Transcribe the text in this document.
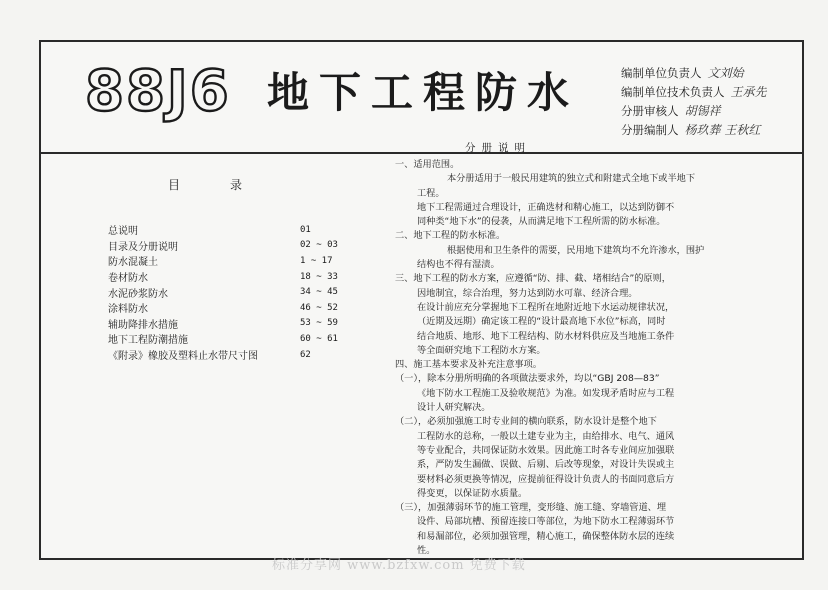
88J6 地下工程防水	编制单位负责人 文刘始
编制单位技术负责人 王承先
分册审核人 胡锡祥
分册编制人 杨玖葬 王秋红
目	录
总说明	01
目录及分册说明	02 ~ 03
防水混凝土	1 ~ 17
卷材防水	18 ~ 33
水泥砂浆防水	34 ~ 45
涂料防水	46 ~ 52
辅助降排水措施	53 ~ 59
地下工程防潮措施	60 ~ 61
《附录》橡胶及塑料止水带尺寸图	62
分册说明

一、适用范围。

本分册适用于一般民用建筑的独立式和附建式全地下或半地下

工程。

地下工程需通过合理设计，正确选材和精心施工，以达到防御不

同种类“地下水”的侵袭，从而满足地下工程所需的防水标准。

二、地下工程的防水标准。

根据使用和卫生条件的需要，民用地下建筑均不允许渗水，围护

结构也不得有湿渍。

三、地下工程的防水方案，应遵循“防、排、截、堵相结合”的原则，

因地制宜，综合治理，努力达到防水可靠、经济合理。

在设计前应充分掌握地下工程所在地附近地下水运动规律状况，

（近期及远期）确定该工程的“设计最高地下水位”标高，同时

结合地质、地形、地下工程结构、防水材料供应及当地施工条件

等全面研究地下工程防水方案。

四、施工基本要求及补充注意事项。

（一），除本分册所明确的各项做法要求外，均以“GBJ 208—83”

《地下防水工程施工及验收规范》为准。如发现矛盾时应与工程

设计人研究解决。

（二），必须加强施工时专业间的横向联系，防水设计是整个地下

工程防水的总称，一般以土建专业为主，由给排水、电气、通风

等专业配合，共同保证防水效果。因此施工时各专业间应加强联

系，严防发生漏做、误做、后剔、后改等现象，对设计失误或主

要材料必须更换等情况，应提前征得设计负责人的书面同意后方

得变更，以保证防水质量。

（三），加强薄弱环节的施工管理，变形缝、施工缝、穿墙管道、埋

设件、局部坑槽、预留连接口等部位，为地下防水工程薄弱环节

和易漏部位，必须加强管理，精心施工，确保整体防水层的连续

性。

标准分享网 www.bzfxw.com 免费下载
